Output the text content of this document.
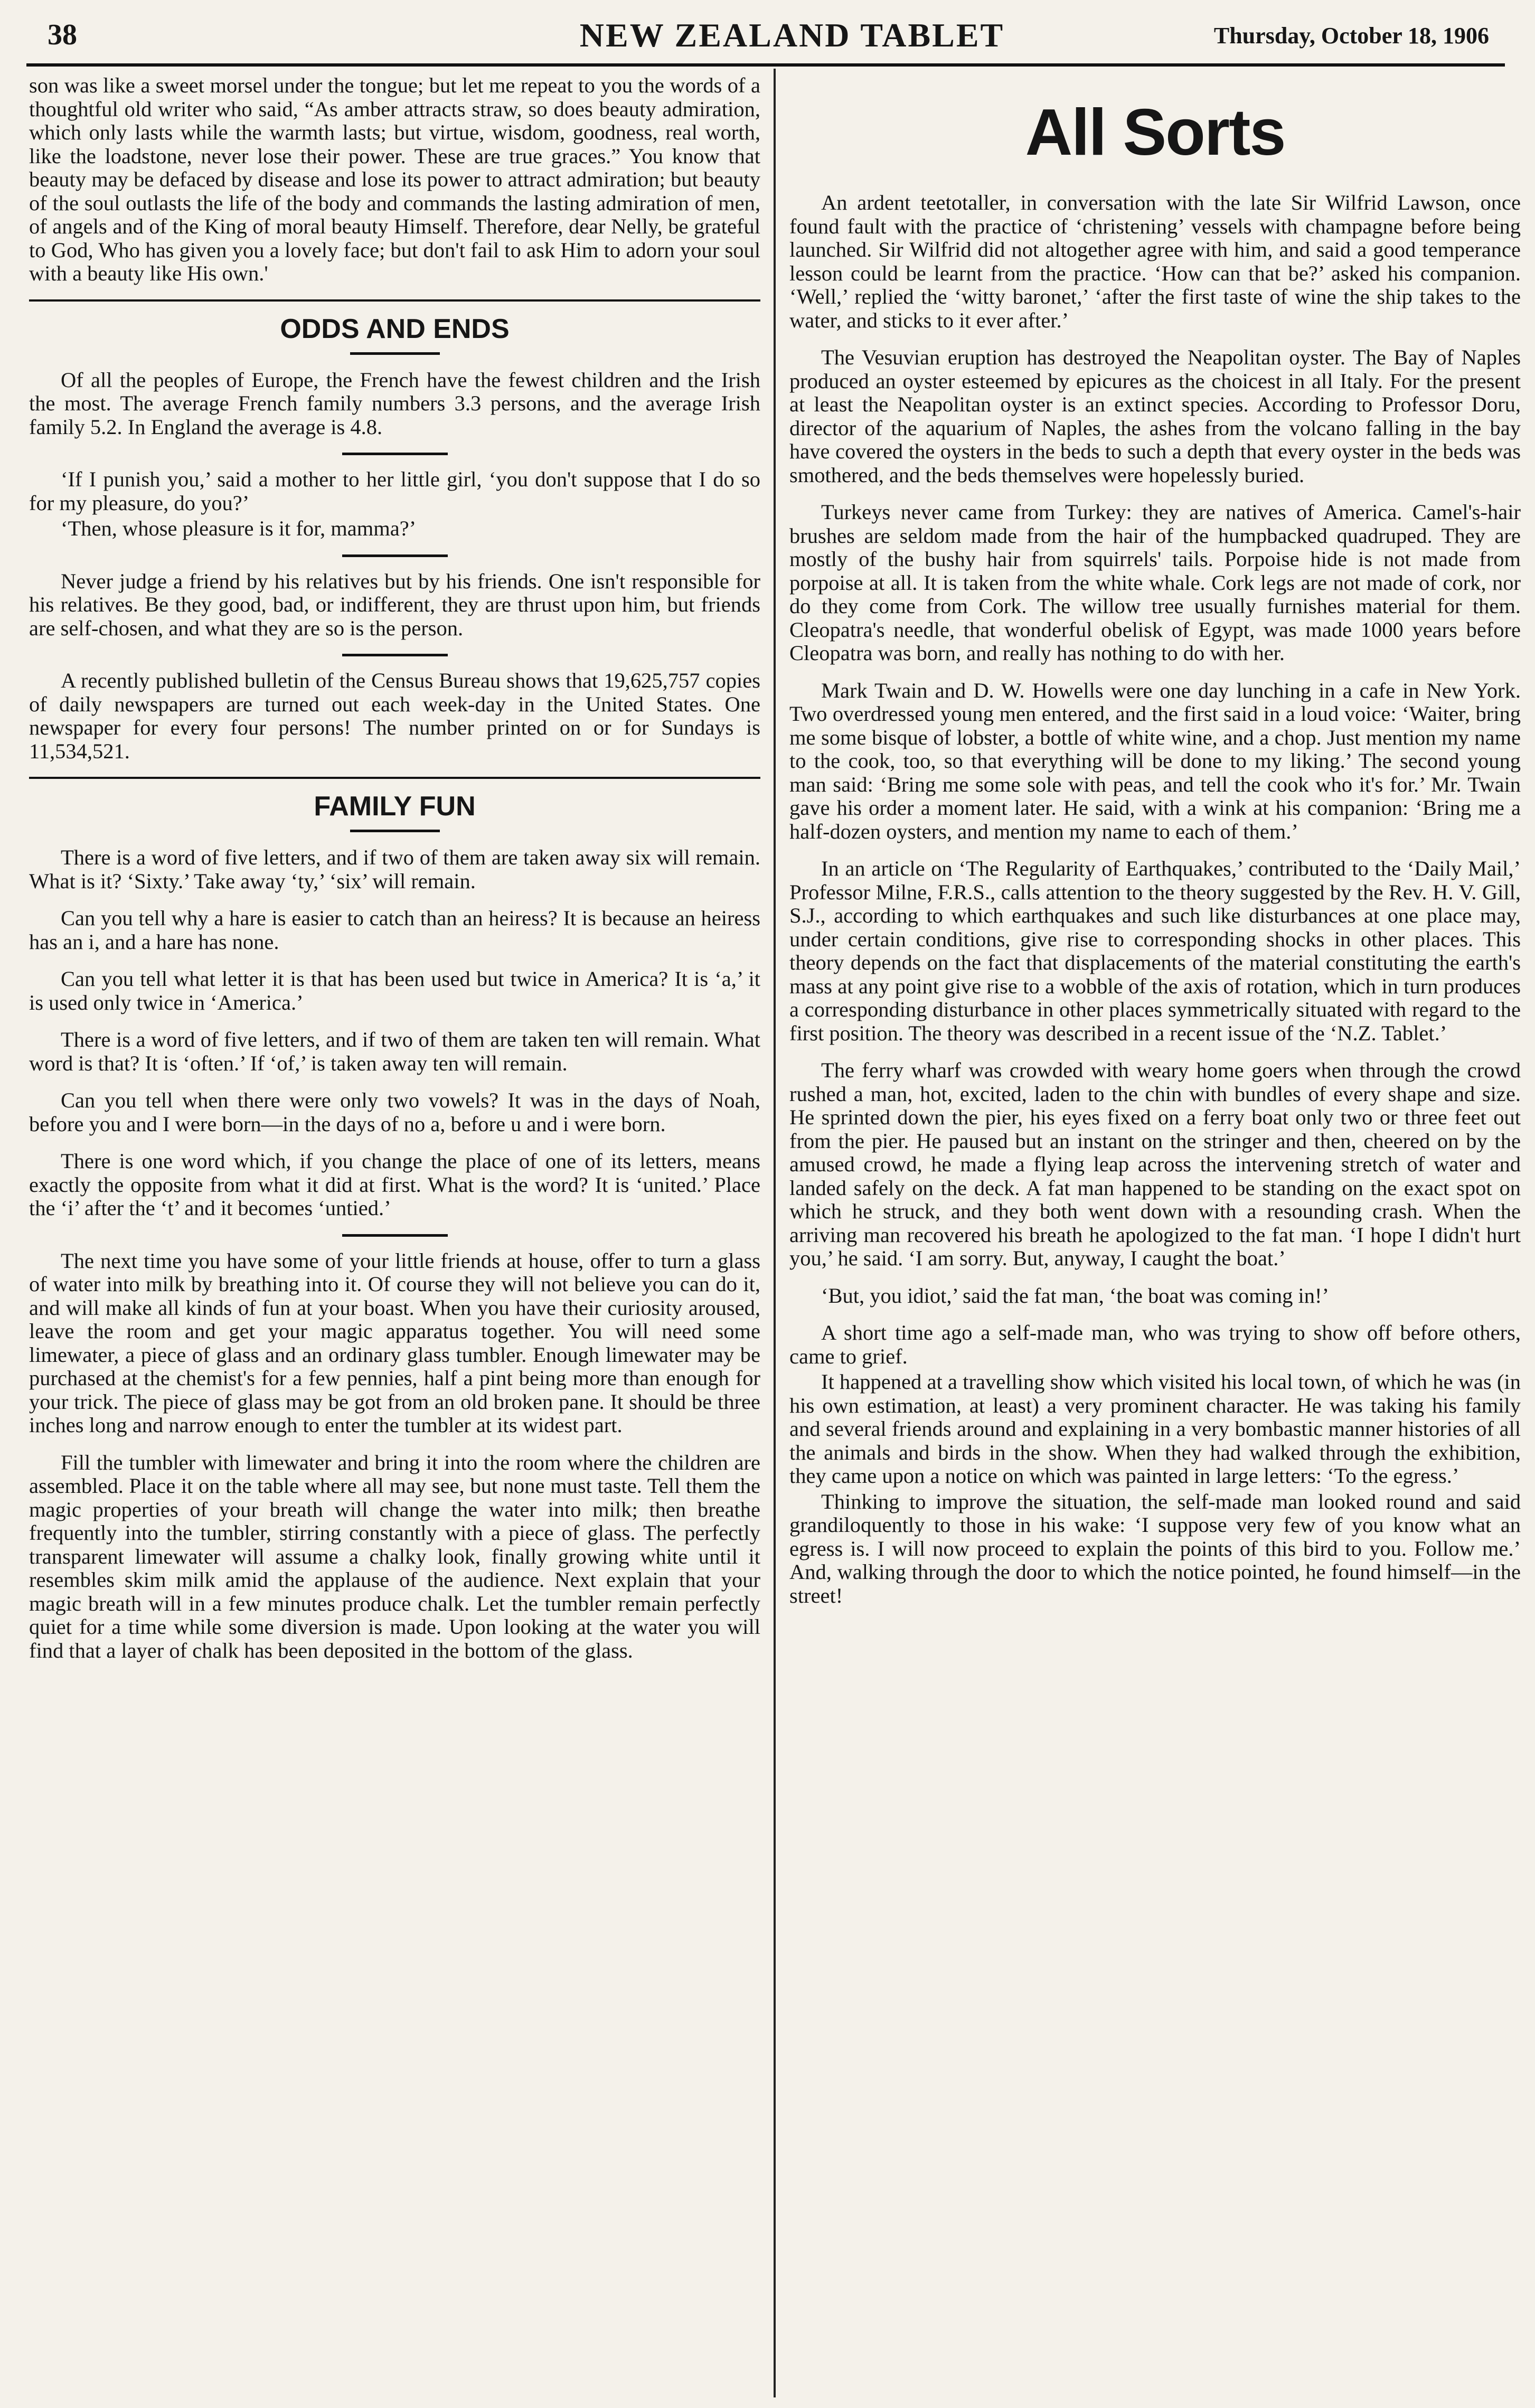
38	NEW ZEALAND TABLET	Thursday, October 18, 1906

son was like a sweet morsel under the tongue; but let me repeat to you the words of a thoughtful old writer who said, “As amber attracts straw, so does beauty admiration, which only lasts while the warmth lasts; but virtue, wisdom, goodness, real worth, like the loadstone, never lose their power. These are true graces.” You know that beauty may be defaced by disease and lose its power to attract admiration; but beauty of the soul outlasts the life of the body and commands the lasting admiration of men, of angels and of the King of moral beauty Himself. Therefore, dear Nelly, be grateful to God, Who has given you a lovely face; but don't fail to ask Him to adorn your soul with a beauty like His own.'

ODDS AND ENDS

Of all the peoples of Europe, the French have the fewest children and the Irish the most. The average French family numbers 3.3 persons, and the average Irish family 5.2. In England the average is 4.8.

‘If I punish you,’ said a mother to her little girl, ‘you don't suppose that I do so for my pleasure, do you?’

‘Then, whose pleasure is it for, mamma?’

Never judge a friend by his relatives but by his friends. One isn't responsible for his relatives. Be they good, bad, or indifferent, they are thrust upon him, but friends are self-chosen, and what they are so is the person.

A recently published bulletin of the Census Bureau shows that 19,625,757 copies of daily newspapers are turned out each week-day in the United States. One newspaper for every four persons! The number printed on or for Sundays is 11,534,521.

FAMILY FUN

There is a word of five letters, and if two of them are taken away six will remain. What is it? ‘Sixty.’ Take away ‘ty,’ ‘six’ will remain.

Can you tell why a hare is easier to catch than an heiress? It is because an heiress has an i, and a hare has none.

Can you tell what letter it is that has been used but twice in America? It is ‘a,’ it is used only twice in ‘America.’

There is a word of five letters, and if two of them are taken ten will remain. What word is that? It is ‘often.’ If ‘of,’ is taken away ten will remain.

Can you tell when there were only two vowels? It was in the days of Noah, before you and I were born—in the days of no a, before u and i were born.

There is one word which, if you change the place of one of its letters, means exactly the opposite from what it did at first. What is the word? It is ‘united.’ Place the ‘i’ after the ‘t’ and it becomes ‘untied.’

The next time you have some of your little friends at house, offer to turn a glass of water into milk by breathing into it. Of course they will not believe you can do it, and will make all kinds of fun at your boast. When you have their curiosity aroused, leave the room and get your magic apparatus together. You will need some limewater, a piece of glass and an ordinary glass tumbler. Enough limewater may be purchased at the chemist's for a few pennies, half a pint being more than enough for your trick. The piece of glass may be got from an old broken pane. It should be three inches long and narrow enough to enter the tumbler at its widest part.

Fill the tumbler with limewater and bring it into the room where the children are assembled. Place it on the table where all may see, but none must taste. Tell them the magic properties of your breath will change the water into milk; then breathe frequently into the tumbler, stirring constantly with a piece of glass. The perfectly transparent limewater will assume a chalky look, finally growing white until it resembles skim milk amid the applause of the audience. Next explain that your magic breath will in a few minutes produce chalk. Let the tumbler remain perfectly quiet for a time while some diversion is made. Upon looking at the water you will find that a layer of chalk has been deposited in the bottom of the glass.

All Sorts

An ardent teetotaller, in conversation with the late Sir Wilfrid Lawson, once found fault with the practice of ‘christening’ vessels with champagne before being launched. Sir Wilfrid did not altogether agree with him, and said a good temperance lesson could be learnt from the practice. ‘How can that be?’ asked his companion. ‘Well,’ replied the ‘witty baronet,’ ‘after the first taste of wine the ship takes to the water, and sticks to it ever after.’

The Vesuvian eruption has destroyed the Neapolitan oyster. The Bay of Naples produced an oyster esteemed by epicures as the choicest in all Italy. For the present at least the Neapolitan oyster is an extinct species. According to Professor Doru, director of the aquarium of Naples, the ashes from the volcano falling in the bay have covered the oysters in the beds to such a depth that every oyster in the beds was smothered, and the beds themselves were hopelessly buried.

Turkeys never came from Turkey: they are natives of America. Camel's-hair brushes are seldom made from the hair of the humpbacked quadruped. They are mostly of the bushy hair from squirrels' tails. Porpoise hide is not made from porpoise at all. It is taken from the white whale. Cork legs are not made of cork, nor do they come from Cork. The willow tree usually furnishes material for them. Cleopatra's needle, that wonderful obelisk of Egypt, was made 1000 years before Cleopatra was born, and really has nothing to do with her.

Mark Twain and D. W. Howells were one day lunching in a cafe in New York. Two overdressed young men entered, and the first said in a loud voice: ‘Waiter, bring me some bisque of lobster, a bottle of white wine, and a chop. Just mention my name to the cook, too, so that everything will be done to my liking.’ The second young man said: ‘Bring me some sole with peas, and tell the cook who it's for.’ Mr. Twain gave his order a moment later. He said, with a wink at his companion: ‘Bring me a half-dozen oysters, and mention my name to each of them.’

In an article on ‘The Regularity of Earthquakes,’ contributed to the ‘Daily Mail,’ Professor Milne, F.R.S., calls attention to the theory suggested by the Rev. H. V. Gill, S.J., according to which earthquakes and such like disturbances at one place may, under certain conditions, give rise to corresponding shocks in other places. This theory depends on the fact that displacements of the material constituting the earth's mass at any point give rise to a wobble of the axis of rotation, which in turn produces a corresponding disturbance in other places symmetrically situated with regard to the first position. The theory was described in a recent issue of the ‘N.Z. Tablet.’

The ferry wharf was crowded with weary home goers when through the crowd rushed a man, hot, excited, laden to the chin with bundles of every shape and size. He sprinted down the pier, his eyes fixed on a ferry boat only two or three feet out from the pier. He paused but an instant on the stringer and then, cheered on by the amused crowd, he made a flying leap across the intervening stretch of water and landed safely on the deck. A fat man happened to be standing on the exact spot on which he struck, and they both went down with a resounding crash. When the arriving man recovered his breath he apologized to the fat man. ‘I hope I didn't hurt you,’ he said. ‘I am sorry. But, anyway, I caught the boat.’

‘But, you idiot,’ said the fat man, ‘the boat was coming in!’

A short time ago a self-made man, who was trying to show off before others, came to grief.

It happened at a travelling show which visited his local town, of which he was (in his own estimation, at least) a very prominent character. He was taking his family and several friends around and explaining in a very bombastic manner histories of all the animals and birds in the show. When they had walked through the exhibition, they came upon a notice on which was painted in large letters: ‘To the egress.’

Thinking to improve the situation, the self-made man looked round and said grandiloquently to those in his wake: ‘I suppose very few of you know what an egress is. I will now proceed to explain the points of this bird to you. Follow me.’ And, walking through the door to which the notice pointed, he found himself—in the street!
